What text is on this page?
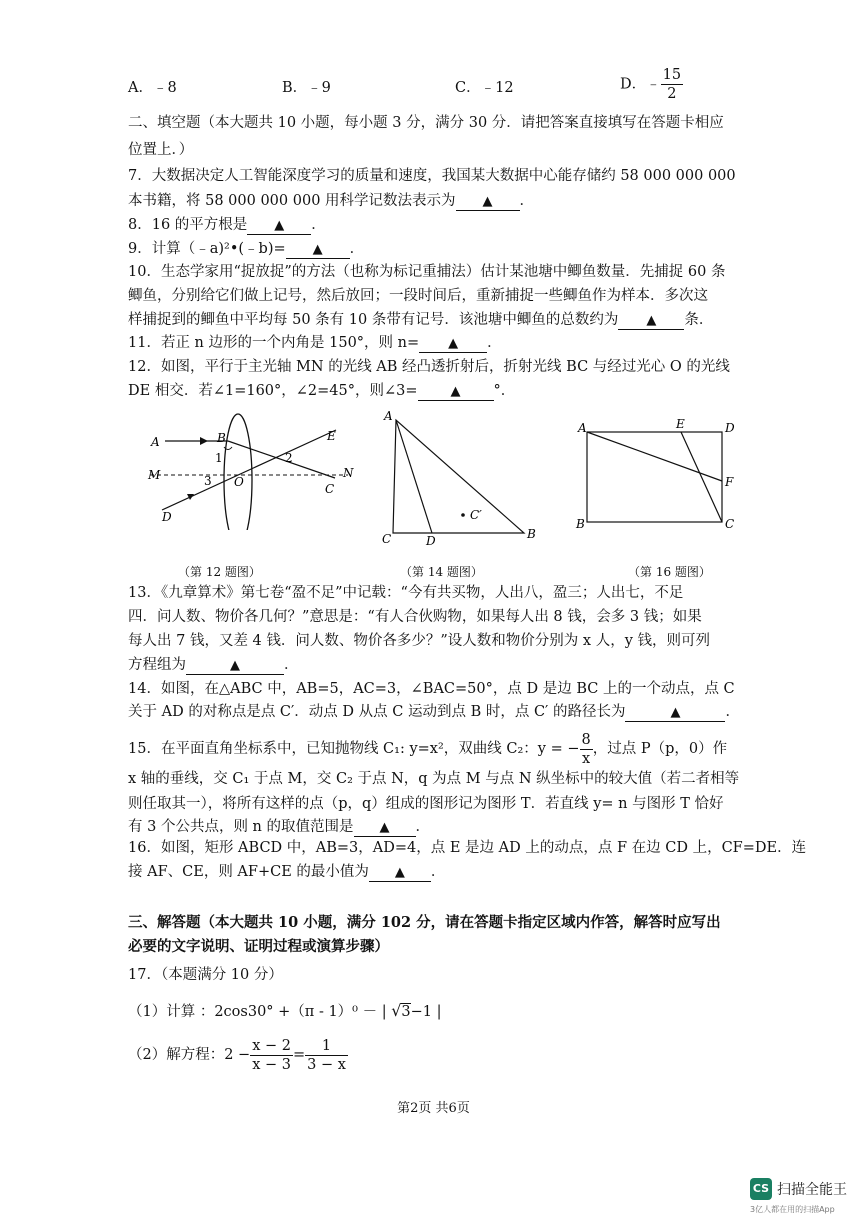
A．﹣8	B．﹣9	C．﹣12	D．﹣ $\frac{15}{2}$
二、填空题（本大题共 10 小题，每小题 3 分，满分 30 分．请把答案直接填写在答题卡相应
位置上．）
7．大数据决定人工智能深度学习的质量和速度，我国某大数据中心能存储约 58 000 000 000
本书籍，将 58 000 000 000 用科学记数法表示为 ▲ ．
8．16 的平方根是 ▲ ．
9．计算（﹣a)²•(﹣b)= ▲ ．
10．生态学家用“捉放捉”的方法（也称为标记重捕法）估计某池塘中鲫鱼数量．先捕捉 60 条
鲫鱼，分别给它们做上记号，然后放回；一段时间后，重新捕捉一些鲫鱼作为样本．多次这
样捕捉到的鲫鱼中平均每 50 条有 10 条带有记号．该池塘中鲫鱼的总数约为 ▲ 条．
11．若正 n 边形的一个内角是 150°，则 n= ▲ ．
12．如图，平行于主光轴 MN 的光线 AB 经凸透折射后，折射光线 BC 与经过光心 O 的光线
DE 相交．若∠1=160°，∠2=45°，则∠3=	▲ °．
A	B	E
M	N
O	C
D
1	2
3
A
B
C	D
C′
A	E	D
F
B	C
（第 12 题图）	（第 14 题图）	（第 16 题图）
13．《九章算术》第七卷“盈不足”中记载：“今有共买物，人出八，盈三；人出七，不足
四．问人数、物价各几何？”意思是：“有人合伙购物，如果每人出 8 钱，会多 3 钱；如果
每人出 7 钱，又差 4 钱．问人数、物价各多少？”设人数和物价分别为 x 人，y 钱，则可列
方程组为	▲	．
14．如图，在△ABC 中，AB=5，AC=3，∠BAC=50°，点 D 是边 BC 上的一个动点，点 C
关于 AD 的对称点是点 C′．动点 D 从点 C 运动到点 B 时，点 C′ 的路径长为	▲	．
15．在平面直角坐标系中，已知抛物线 C₁: y=x²，双曲线 C₂：y = − $\frac{8}{x}$ ，过点 P（p，0）作
x 轴的垂线，交 C₁ 于点 M，交 C₂ 于点 N，q 为点 M 与点 N 纵坐标中的较大值（若二者相等
则任取其一），将所有这样的点（p，q）组成的图形记为图形 T．若直线 y= n 与图形 T 恰好
有 3 个公共点，则 n 的取值范围是 ▲ ．
16．如图，矩形 ABCD 中，AB=3，AD=4，点 E 是边 AD 上的动点，点 F 在边 CD 上，CF=DE．连
接 AF、CE，则 AF+CE 的最小值为 ▲ ．
三、解答题（本大题共 10 小题，满分 102 分，请在答题卡指定区域内作答，解答时应写出
必要的文字说明、证明过程或演算步骤）
17．（本题满分 10 分）
（1）计算 ：2cos30° +（π - 1）⁰ － | √3−1 |
（2）解方程：$2 - \frac{x - 2}{x - 3} = \frac{1}{3 - x}$
第2页 共6页
CS 扫描全能王
3亿人都在用的扫描App
